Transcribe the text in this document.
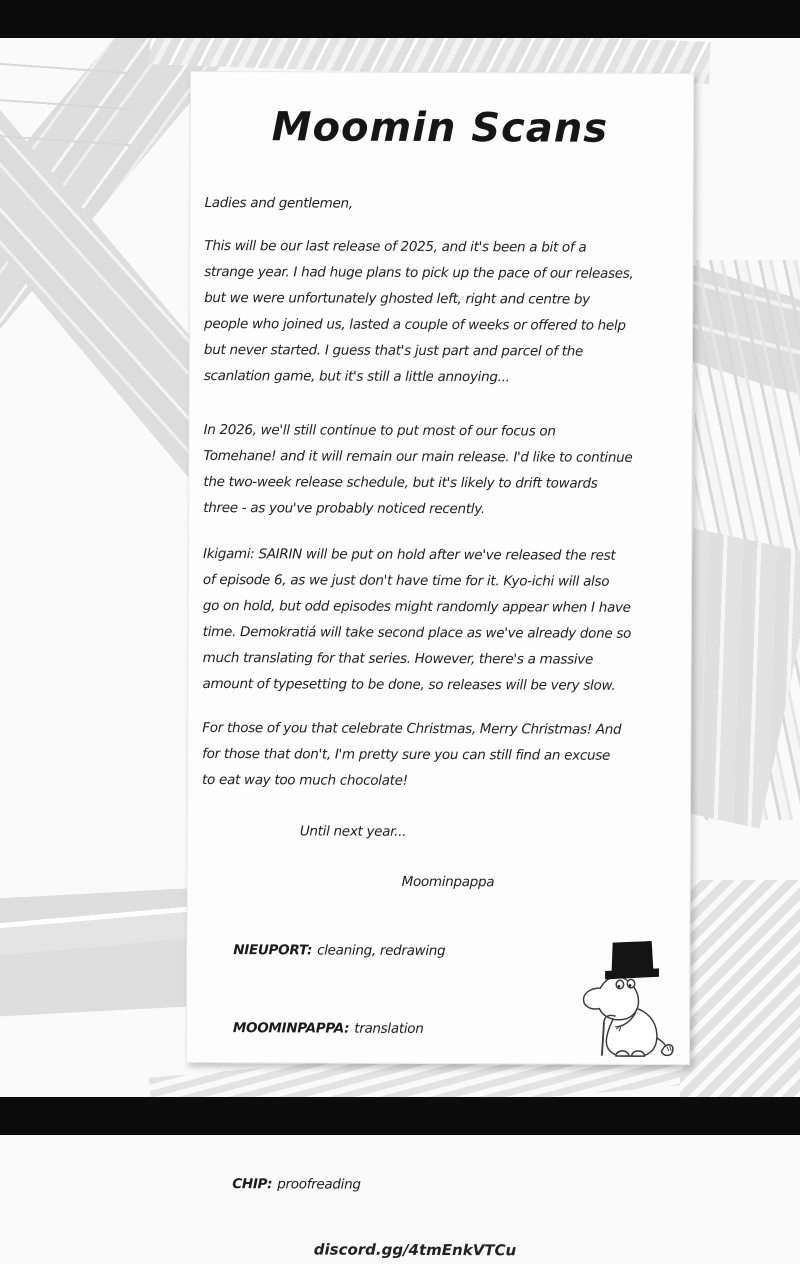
Moomin Scans

Ladies and gentlemen,

This will be our last release of 2025, and it's been a bit of a
strange year. I had huge plans to pick up the pace of our releases,
but we were unfortunately ghosted left, right and centre by
people who joined us, lasted a couple of weeks or offered to help
but never started. I guess that's just part and parcel of the
scanlation game, but it's still a little annoying...

In 2026, we'll still continue to put most of our focus on
Tomehane! and it will remain our main release. I'd like to continue
the two-week release schedule, but it's likely to drift towards
three - as you've probably noticed recently.

Ikigami: SAIRIN will be put on hold after we've released the rest
of episode 6, as we just don't have time for it. Kyo-ichi will also
go on hold, but odd episodes might randomly appear when I have
time. Demokratiá will take second place as we've already done so
much translating for that series. However, there's a massive
amount of typesetting to be done, so releases will be very slow.

For those of you that celebrate Christmas, Merry Christmas! And
for those that don't, I'm pretty sure you can still find an excuse
to eat way too much chocolate!

Until next year...

Moominpappa

NIEUPORT: cleaning, redrawing

MOOMINPAPPA: translation

CHIP: proofreading

discord.gg/4tmEnkVTCu
